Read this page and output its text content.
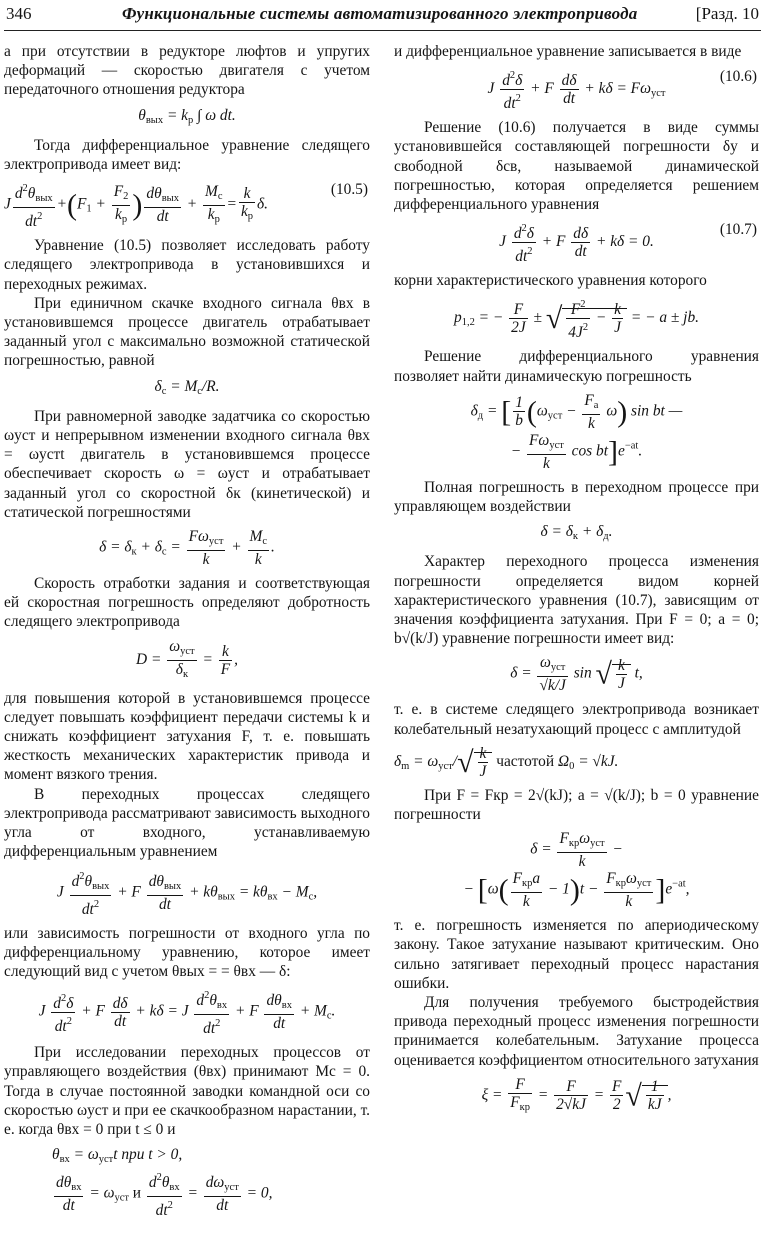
346	Функциональные системы автоматизированного электропривода	[Разд. 10

а при отсутствии в редукторе люфтов и упругих деформаций — скоростью двигателя с учетом передаточного отношения редуктора

$\theta_{вых} = k_р$ ∫ ω dt.

Тогда дифференциальное уравнение следящего электропривода имеет вид:

J $\frac{d^2\theta_{вых}}{dt^2} +(F_1 + \frac{F_2}{k_р}$ ) $\frac{d\theta_{вых}}{dt} + \frac{M_с}{k_р} = \frac{k}{k_р} \delta$.
(10.5)

Уравнение (10.5) позволяет исследовать работу следящего электропривода в установившихся и переходных режимах.

При единичном скачке входного сигнала θвх в установившемся процессе двигатель отрабатывает заданный угол с максимально возможной статической погрешностью, равной

$\delta_с = M_с/R$.

При равномерной заводке задатчика со скоростью ωуст и непрерывном изменении входного сигнала θвх = ωустt двигатель в установившемся процессе обеспечивает скорость ω = ωуст и отрабатывает заданный угол со скоростной δк (кинетической) и статической погрешностями

$\delta = \delta_к + \delta_с = \frac{F\omega_{уст}}{k} + \frac{M_с}{k}$ .

Скорость отработки задания и соответствующая ей скоростная погрешность определяют добротность следящего электропривода

$D = \frac{\omega_{уст}}{\delta_к} = \frac{k}{F}$ ,

для повышения которой в установившемся процессе следует повышать коэффициент передачи системы k и снижать коэффициент затухания F, т. е. повышать жесткость механических характеристик привода и момент вязкого трения.

В переходных процессах следящего электропривода рассматривают зависимость выходного угла от входного, устанавливаемую дифференциальным уравнением

J $\frac{d^2\theta_{вых}}{dt^2} + F \frac{d\theta_{вых}}{dt} + k\theta_{вых} = k\theta_{вх} - M_с$,

или зависимость погрешности от входного угла по дифференциальному уравнению, которое имеет следующий вид с учетом θвых = = θвх — δ:

J $\frac{d^2\delta}{dt^2} + F \frac{d\delta}{dt} + k\delta = J \frac{d^2\theta_{вх}}{dt^2} + F \frac{d\theta_{вх}}{dt} + M_с$.

При исследовании переходных процессов от управляющего воздействия (θвх) принимают Mс = 0. Тогда в случае постоянной заводки командной оси со скоростью ωуст и при ее скачкообразном нарастании, т. е. когда θвх = 0 при t ≤ 0 и

$\theta_{вх} = \omega_{уст}t$ при t > 0,

$\frac{d\theta_{вх}}{dt} = \omega_{уст}$ и $\frac{d^2\theta_{вх}}{dt^2} = \frac{d\omega_{уст}}{dt} = 0$,

и дифференциальное уравнение записывается в виде

J $\frac{d^2\delta}{dt^2} + F \frac{d\delta}{dt} + k\delta = F\omega_{уст}$
(10.6)

Решение (10.6) получается в виде суммы установившейся составляющей погрешности δу и свободной δсв, называемой динамической погрешностью, которая определяется решением дифференциального уравнения

J $\frac{d^2\delta}{dt^2} + F \frac{d\delta}{dt} + k\delta = 0$.
(10.7)

корни характеристического уравнения которого

$p_{1,2}$ = − $\frac{F}{2J}$ ± √ $\frac{F^2}{4J^2} - \frac{k}{J}$ = − a ± jb.

Решение дифференциального уравнения позволяет найти динамическую погрешность

$\delta_д$ = [ $\frac{1}{b} (\omega_{уст} - \frac{F_a}{k} \omega)$ sin bt —
− $\frac{F\omega_{уст}}{k}$ $\cos bt]e^{-at}$.

Полная погрешность в переходном процессе при управляющем воздействии

$\delta = \delta_к + \delta_д$.

Характер переходного процесса изменения погрешности определяется видом корней характеристического уравнения (10.7), зависящим от значения коэффициента затухания. При F = 0; a = 0; b√(k/J) уравнение погрешности имеет вид:

$\delta = \frac{\omega_{уст}}{√k/J}$ sin √ $\frac{k}{J} t$,

т. е. в системе следящего электропривода возникает колебательный незатухающий процесс с амплитудой

$\delta_m = \omega_{уст}/√ \frac{k}{J}$ частотой $\Omega_0 = √kJ$.

При F = Fкр = 2√(kJ); a = √(k/J); b = 0 уравнение погрешности

$\delta = \frac{F_{кр}\omega_{уст}}{k}$ −
− $[\omega( \frac{F_{кр}a}{k} - 1)t - \frac{F_{кр}\omega_{уст}}{k} ]e^{-at}$,

т. е. погрешность изменяется по апериодическому закону. Такое затухание называют критическим. Оно сильно затягивает переходный процесс нарастания ошибки.

Для получения требуемого быстродействия привода переходный процесс изменения погрешности принимается колебательным. Затухание процесса оценивается коэффициентом относительного затухания

$\xi = \frac{F}{F_{кр}} = \frac{F}{2√kJ} = \frac{F}{2}$ √ $\frac{1}{kJ}$ ,
